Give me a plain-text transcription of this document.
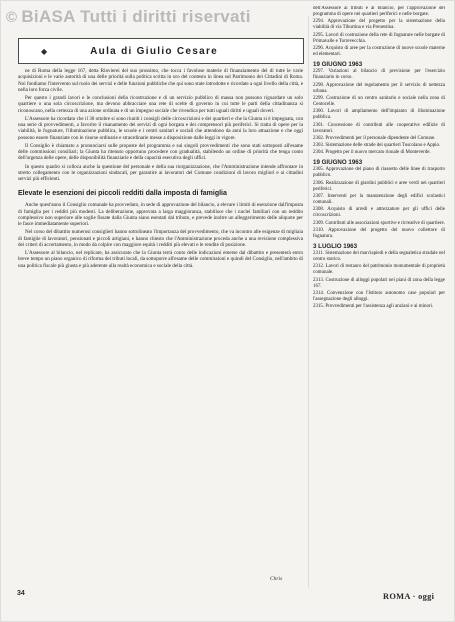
© BiASA Tutti i diritti riservati
◆	Aula di Giulio Cesare

ne di Roma della legge 167, detta Rinvierei del suo prossimo, che tocca i favolose materie di finanziamento del di tutte le varie acquisizioni e le varie autorità di una delle priorità sulla politica scritta in oro del contesto in linea sul Patrimonio dei Cittadini di Roma. Noi fondiamo l'intervento sul ruolo dei servizi e delle funzioni pubbliche che qui sono state introdotte e ricordate a ogni livello della città, e nella loro forza civile.

Per questo i grandi lavori e le conclusioni della ricostruzione e di un servizio pubblico di massa non possono riguardare un solo quartiere o una sola circoscrizione, ma devono abbracciare una rete di scelte di governo in cui tutte le parti della cittadinanza si riconoscano, nella certezza di una azione ordinata e di un impegno sociale che rivendica per tutti uguali diritti e uguali doveri.

L'Assessore ha ricordato che il 30 ottobre si sono riuniti i consigli delle circoscrizioni e dei quartieri e che la Giunta si è impegnata, con una serie di provvedimenti, a favorire il risanamento dei servizi di ogni borgata e dei comprensori più periferici. Si tratta di opere per la viabilità, le fognature, l'illuminazione pubblica, le scuole e i centri sanitari e sociali che attendono da anni la loro attuazione e che oggi possono essere finanziate con le risorse ordinarie e straordinarie messe a disposizione dalle leggi in vigore.

Il Consiglio è chiamato a pronunciarsi sulle proposte del programma e sui singoli provvedimenti che sono stati sottoposti all'esame delle commissioni consiliari; la Giunta ha ritenuto opportuno procedere con gradualità, stabilendo un ordine di priorità che tenga conto dell'urgenza delle opere, delle disponibilità finanziarie e della capacità esecutiva degli uffici.

In questo quadro si colloca anche la questione del personale e della sua riorganizzazione, che l'Amministrazione intende affrontare in stretto collegamento con le organizzazioni sindacali, per garantire ai lavoratori del Comune condizioni di lavoro migliori e ai cittadini servizi più efficienti.

Elevate le esenzioni dei piccoli redditi dalla imposta di famiglia

Anche quest'anno il Consiglio comunale ha provveduto, in sede di approvazione del bilancio, a elevare i limiti di esenzione dall'imposta di famiglia per i redditi più modesti. La deliberazione, approvata a larga maggioranza, stabilisce che i nuclei familiari con un reddito complessivo non superiore alle soglie fissate dalla Giunta siano esentati dal tributo, e prevede inoltre un alleggerimento delle aliquote per le fasce immediatamente superiori.

Nel corso del dibattito numerosi consiglieri hanno sottolineato l'importanza del provvedimento, che va incontro alle esigenze di migliaia di famiglie di lavoratori, pensionati e piccoli artigiani, e hanno chiesto che l'Amministrazione proceda anche a una revisione complessiva dei criteri di accertamento, in modo da colpire con maggiore equità i redditi più elevati e le rendite di posizione.

L'Assessore al bilancio, nel replicare, ha assicurato che la Giunta terrà conto delle indicazioni emerse dal dibattito e presenterà entro breve tempo un piano organico di riforma dei tributi locali, da sottoporre all'esame delle commissioni e quindi del Consiglio, nell'ambito di una politica fiscale più giusta e più aderente alla realtà economica e sociale della città.

Chris
dell'Assessore ai tributi e al bilancio, per l'approvazione del programma di opere nei quartieri periferici e nelle borgate.
2294. Approvazione del progetto per la sistemazione della viabilità di via Tiburtina e via Prenestina.
2295. Lavori di costruzione della rete di fognature nelle borgate di Primavalle e Torrevecchia.
2296. Acquisto di aree per la costruzione di nuove scuole materne ed elementari.
19 GIUGNO 1963
2297. Variazioni al bilancio di previsione per l'esercizio finanziario in corso.
2298. Approvazione del regolamento per il servizio di nettezza urbana.
2299. Costruzione di un centro sanitario e sociale nella zona di Centocelle.
2300. Lavori di ampliamento dell'impianto di illuminazione pubblica.
2301. Concessione di contributi alle cooperative edilizie di lavoratori.
2302. Provvedimenti per il personale dipendente del Comune.
2303. Sistemazione delle strade dei quartieri Tuscolano e Appio.
2304. Progetto per il nuovo mercato rionale di Monteverde.
19 GIUGNO 1963
2305. Approvazione del piano di riassetto delle linee di trasporto pubblico.
2306. Realizzazione di giardini pubblici e aree verdi nei quartieri periferici.
2307. Interventi per la manutenzione degli edifici scolastici comunali.
2308. Acquisto di arredi e attrezzature per gli uffici delle circoscrizioni.
2309. Contributi alle associazioni sportive e ricreative di quartiere.
2310. Approvazione del progetto del nuovo collettore di fognatura.
3 LUGLIO 1963
2311. Sistemazione dei marciapiedi e della segnaletica stradale nel centro storico.
2312. Lavori di restauro del patrimonio monumentale di proprietà comunale.
2313. Costruzione di alloggi popolari nei piani di zona della legge 167.
2314. Convenzione con l'Istituto autonomo case popolari per l'assegnazione degli alloggi.
2315. Provvedimenti per l'assistenza agli anziani e ai minori.
34	ROMA · oggi
